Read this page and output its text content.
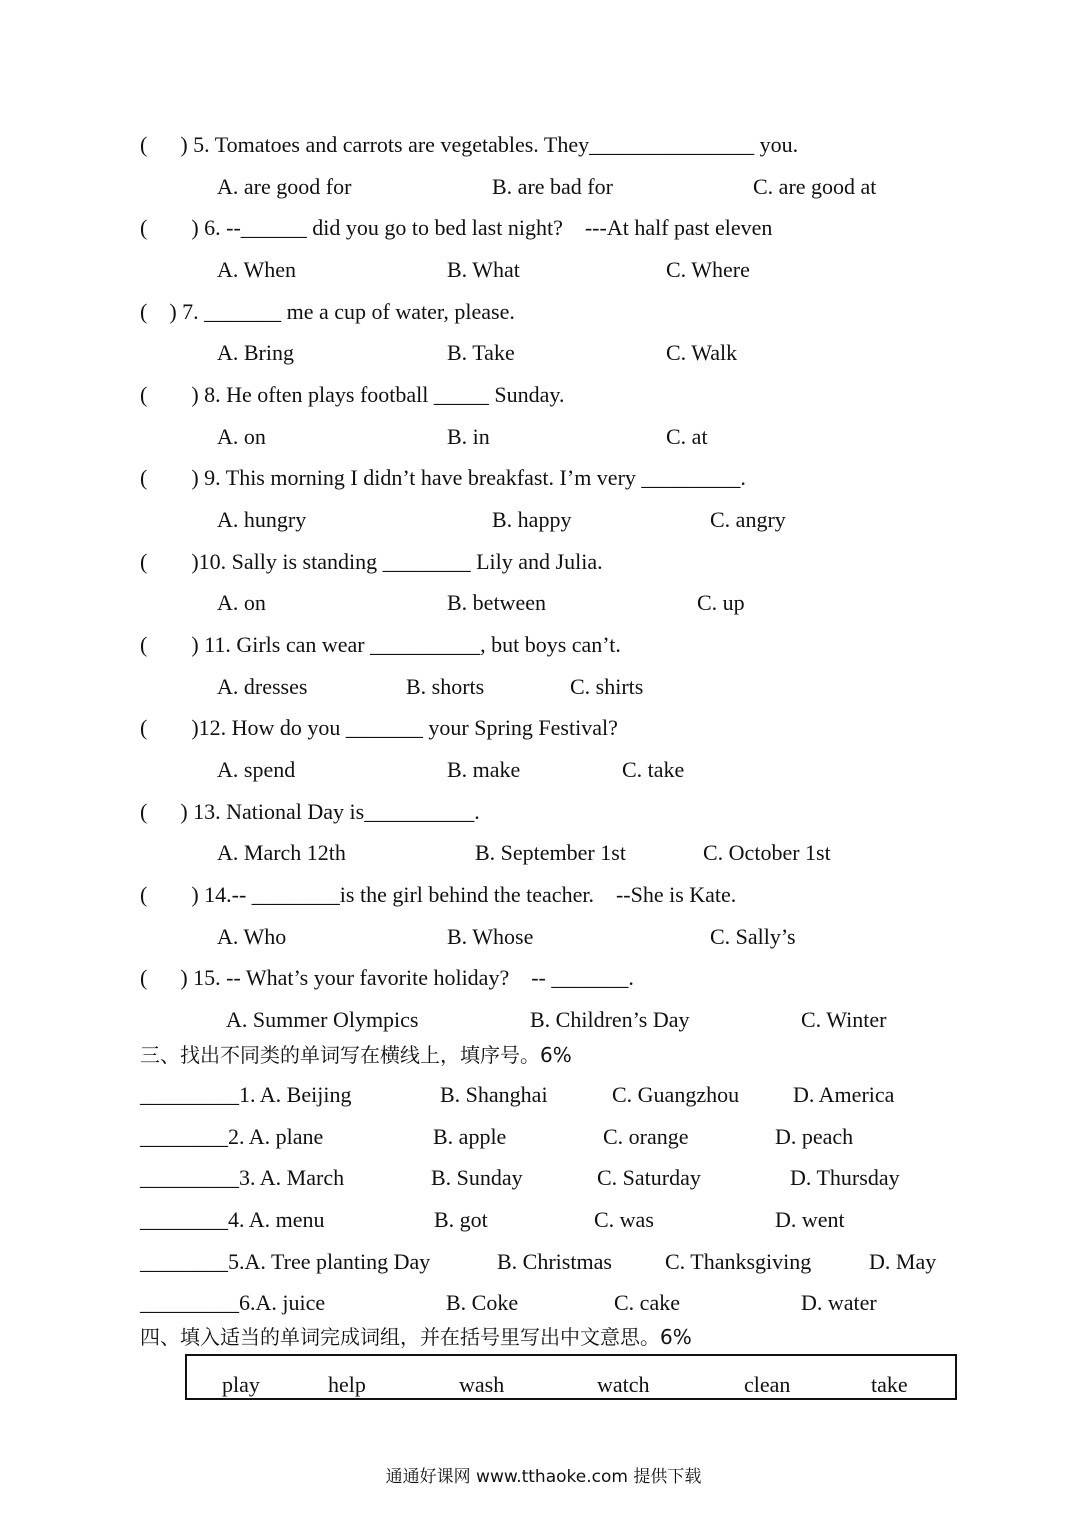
(      ) 5. Tomatoes and carrots are vegetables. They_______________ you.
A. are good for	B. are bad for	C. are good at
(        ) 6. --______ did you go to bed last night?    ---At half past eleven
A. When	B. What	C. Where
(    ) 7. _______ me a cup of water, please.
A. Bring	B. Take	C. Walk
(        ) 8. He often plays football _____ Sunday.
A. on	B. in	C. at
(        ) 9. This morning I didn’t have breakfast. I’m very _________.
A. hungry	B. happy	C. angry
(        )10. Sally is standing ________ Lily and Julia.
A. on	B. between	C. up
(        ) 11. Girls can wear __________, but boys can’t.
A. dresses	B. shorts	C. shirts
(        )12. How do you _______ your Spring Festival?
A. spend	B. make	C. take
(      ) 13. National Day is__________.
A. March 12th	B. September 1st	C. October 1st
(        ) 14.-- ________is the girl behind the teacher.    --She is Kate.
A. Who	B. Whose	C. Sally’s
(      ) 15. -- What’s your favorite holiday?    -- _______.
A. Summer Olympics	B. Children’s Day	C. Winter
三、找出不同类的单词写在横线上，填序号。6%
_________1. A. Beijing	B. Shanghai	C. Guangzhou D. America
________2. A. plane	B. apple	C. orange	D. peach
_________3. A. March	B. Sunday	C. Saturday	D. Thursday
________4. A. menu	B. got	C. was	D. went
________5.A. Tree planting Day	B. Christmas C. Thanksgiving	D. May
_________6.A. juice	B. Coke	C. cake	D. water
四、填入适当的单词完成词组，并在括号里写出中文意思。6%
play	help	wash	watch	clean	take
通通好课网 www.tthaoke.com 提供下载
